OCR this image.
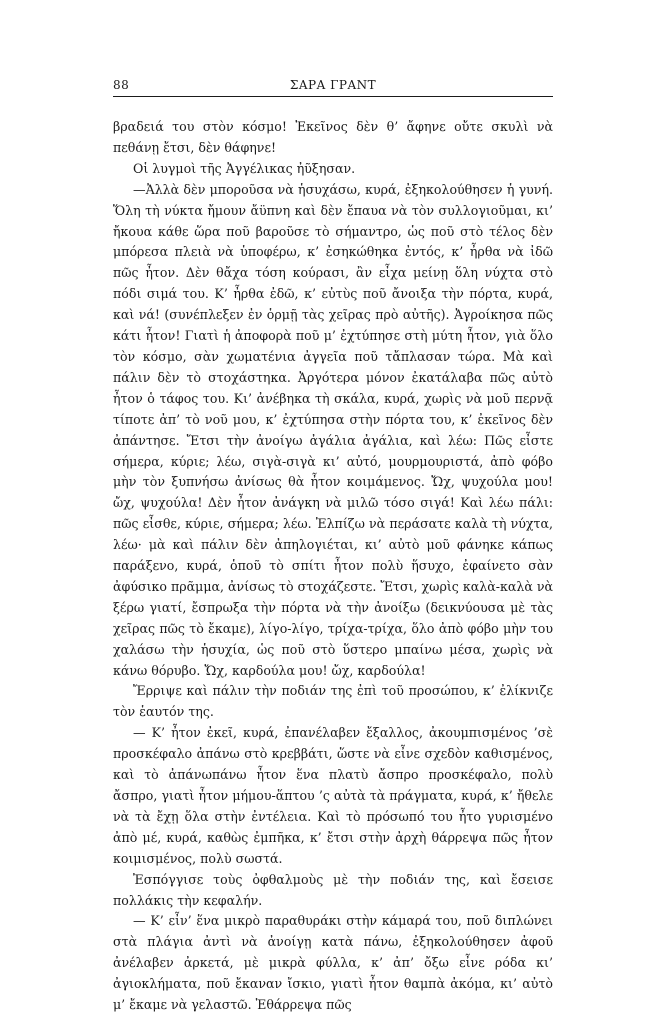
88	ΣΑΡΑ ΓΡΑΝΤ

βραδειά του στὸν κόσμο! Ἐκεῖνος δὲν θ’ ἄφηνε οὔτε σκυλὶ νὰ πεθάνῃ ἔτσι, δὲν θάφηνε!

Οἱ λυγμοὶ τῆς Ἀγγέλικας ἠῦξησαν.

—Ἀλλὰ δὲν μποροῦσα νὰ ἡσυχάσω, κυρά, ἐξηκολούθησεν ἡ γυνή. Ὅλη τὴ νύκτα ἤμουν ἄϋπνη καὶ δὲν ἔπαυα νὰ τὸν συλλογιοῦμαι, κι’ ἤκουα κάθε ὥρα ποῦ βαροῦσε τὸ σήμαντρο, ὡς ποῦ στὸ τέλος δὲν μπόρεσα πλειὰ νὰ ὑποφέρω, κ’ ἐσηκώθηκα ἐντός, κ’ ἦρθα νὰ ἰδῶ πῶς ἦτον. Δὲν θἄχα τόση κούρασι, ἂν εἶχα μείνῃ ὅλη νύχτα στὸ πόδι σιμά του. Κ’ ἦρθα ἐδῶ, κ’ εὐτὺς ποῦ ἄνοιξα τὴν πόρτα, κυρά, καὶ νά! (συνέπλεξεν ἐν ὁρμῇ τὰς χεῖρας πρὸ αὐτῆς). Ἀγροίκησα πῶς κάτι ἦτον! Γιατὶ ἡ ἀποφορὰ ποῦ μ’ ἐχτύπησε στὴ μύτη ἦτον, γιὰ ὅλο τὸν κόσμο, σὰν χωματένια ἀγγεῖα ποῦ τἄπλασαν τώρα. Μὰ καὶ πάλιν δὲν τὸ στοχάστηκα. Ἀργότερα μόνον ἐκατάλαβα πῶς αὐτὸ ἦτον ὁ τάφος του. Κι’ ἀνέβηκα τὴ σκάλα, κυρά, χωρὶς νὰ μοῦ περνᾷ τίποτε ἀπ’ τὸ νοῦ μου, κ’ ἐχτύπησα στὴν πόρτα του, κ’ ἐκεῖνος δὲν ἀπάντησε. Ἔτσι τὴν ἀνοίγω ἀγάλια ἀγάλια, καὶ λέω: Πῶς εἶστε σήμερα, κύριε; λέω, σιγὰ-σιγὰ κι’ αὐτό, μουρμουριστά, ἀπὸ φόβο μὴν τὸν ξυπνήσω ἀνίσως θὰ ἦτον κοιμάμενος. Ὤχ, ψυχούλα μου! ὤχ, ψυχούλα! Δὲν ἦτον ἀνάγκη νὰ μιλῶ τόσο σιγά! Καὶ λέω πάλι: πῶς εἶσθε, κύριε, σήμερα; λέω. Ἐλπίζω νὰ περάσατε καλὰ τὴ νύχτα, λέω· μὰ καὶ πάλιν δὲν ἀπηλογιέται, κι’ αὐτὸ μοῦ φάνηκε κάπως παράξενο, κυρά, ὁποῦ τὸ σπίτι ἦτον πολὺ ἥσυχο, ἐφαίνετο σὰν ἀφύσικο πρᾶμμα, ἀνίσως τὸ στοχάζεστε. Ἔτσι, χωρὶς καλὰ-καλὰ νὰ ξέρω γιατί, ἔσπρωξα τὴν πόρτα νὰ τὴν ἀνοίξω (δεικνύουσα μὲ τὰς χεῖρας πῶς τὸ ἔκαμε), λίγο-λίγο, τρίχα-τρίχα, ὅλο ἀπὸ φόβο μὴν του χαλάσω τὴν ἡσυχία, ὡς ποῦ στὸ ὕστερο μπαίνω μέσα, χωρὶς νὰ κάνω θόρυβο. Ὤχ, καρδούλα μου! ὤχ, καρδούλα!

Ἔρριψε καὶ πάλιν τὴν ποδιάν της ἐπὶ τοῦ προσώπου, κ’ ἐλίκνιζε τὸν ἑαυτόν της.

— Κ’ ἦτον ἐκεῖ, κυρά, ἐπανέλαβεν ἔξαλλος, ἀκουμπισμένος ’σὲ προσκέφαλο ἀπάνω στὸ κρεββάτι, ὥστε νὰ εἶνε σχεδὸν καθισμένος, καὶ τὸ ἀπάνωπάνω ἦτον ἕνα πλατὺ ἄσπρο προσκέφαλο, πολὺ ἄσπρο, γιατὶ ἦτον μήμου-ἅπτου ’ς αὐτὰ τὰ πράγματα, κυρά, κ’ ἤθελε νὰ τὰ ἔχῃ ὅλα στὴν ἐντέλεια. Καὶ τὸ πρόσωπό του ἦτο γυρισμένο ἀπὸ μέ, κυρά, καθὼς ἐμπῆκα, κ’ ἔτσι στὴν ἀρχὴ θάρρεψα πῶς ἦτον κοιμισμένος, πολὺ σωστά.

Ἐσπόγγισε τοὺς ὀφθαλμοὺς μὲ τὴν ποδιάν της, καὶ ἔσεισε πολλάκις τὴν κεφαλήν.

— Κ’ εἶν’ ἕνα μικρὸ παραθυράκι στὴν κάμαρά του, ποῦ διπλώνει στὰ πλάγια ἀντὶ νὰ ἀνοίγῃ κατὰ πάνω, ἐξηκολούθησεν ἀφοῦ ἀνέλαβεν ἀρκετά, μὲ μικρὰ φύλλα, κ’ ἀπ’ ὄξω εἶνε ρόδα κι’ ἀγιοκλήματα, ποῦ ἔκαναν ἴσκιο, γιατὶ ἦτον θαμπὰ ἀκόμα, κι’ αὐτὸ μ’ ἔκαμε νὰ γελαστῶ. Ἐθάρρεψα πῶς
